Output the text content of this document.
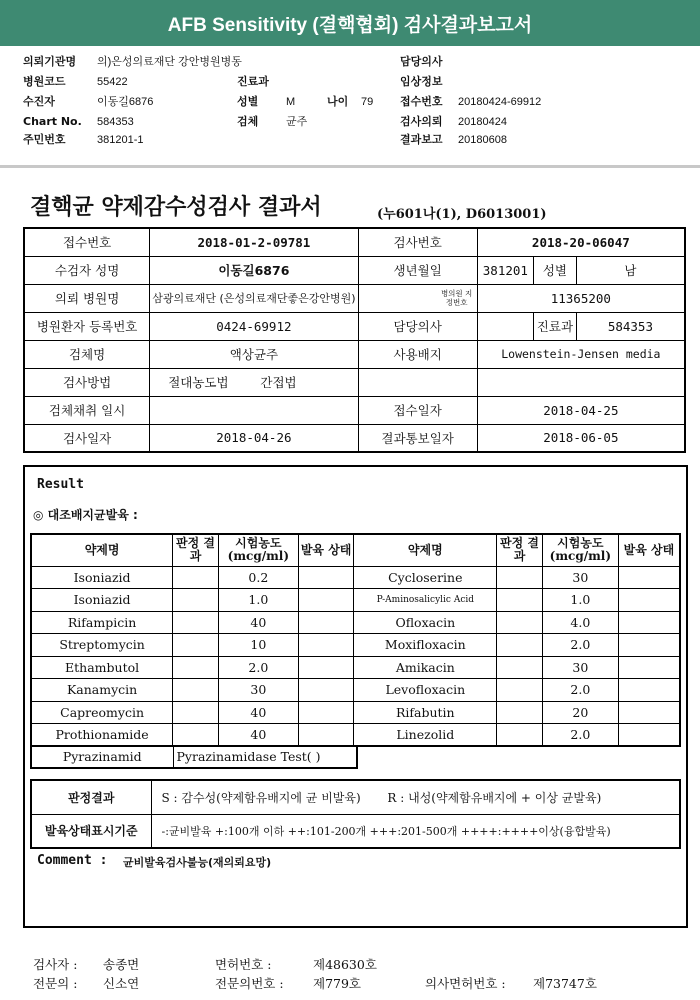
AFB Sensitivity (결핵협회) 검사결과보고서
의뢰기관명 의)은성의료재단 강안병원병동
병원코드	55422
수진자	이동길6876
Chart No. 584353
주민번호	381201-1
진료과
성별	M	나이 79
검체	균주
담당의사
임상정보
접수번호 20180424-69912
검사의뢰 20180424
결과보고 20180608
결핵균 약제감수성검사 결과서	(누601나(1), D6013001)
접수번호	2018-01-2-09781	검사번호	2018-20-06047		
수검자 성명	이동길6876	생년월일	381201	성별	남
의뢰 병원명	삼광의료재단 (은성의료재단좋은강안병원)	병의원 지정번호	11365200		
병원환자 등록번호	0424-69912	담당의사		진료과	584353
검체명	액상균주	사용배지	Lowenstein-Jensen media		
검사방법	절대농도법 간접법				
검체채취 일시		접수일자	2018-04-25		
검사일자	2018-04-26	결과통보일자	2018-06-05		
Result
◎ 대조배지균발육 :
약제명	판정 결과	시험농도 (mcg/ml)	발육 상태	약제명	판정 결과	시험농도 (mcg/ml)	발육 상태
Isoniazid		0.2		Cycloserine		30	
Isoniazid		1.0		P-Aminosalicylic Acid		1.0	
Rifampicin		40		Ofloxacin		4.0	
Streptomycin		10		Moxifloxacin		2.0	
Ethambutol		2.0		Amikacin		30	
Kanamycin		30		Levofloxacin		2.0	
Capreomycin		40		Rifabutin		20	
Prothionamide		40		Linezolid		2.0	
Pyrazinamid	Pyrazinamidase Test( )
판정결과	S : 감수성(약제함유배지에 균 비발육) R : 내성(약제함유배지에 + 이상 균발육)
발육상태표시기준	-:균비발육 +:100개 이하 ++:101-200개 +++:201-500개 ++++:++++이상(융합발육)
Comment : 균비발육검사불능(재의뢰요망)
검사자 : 송종면	면허번호 :	제48630호
전문의 : 신소연	전문의번호 : 제779호	의사면허번호 : 제73747호
